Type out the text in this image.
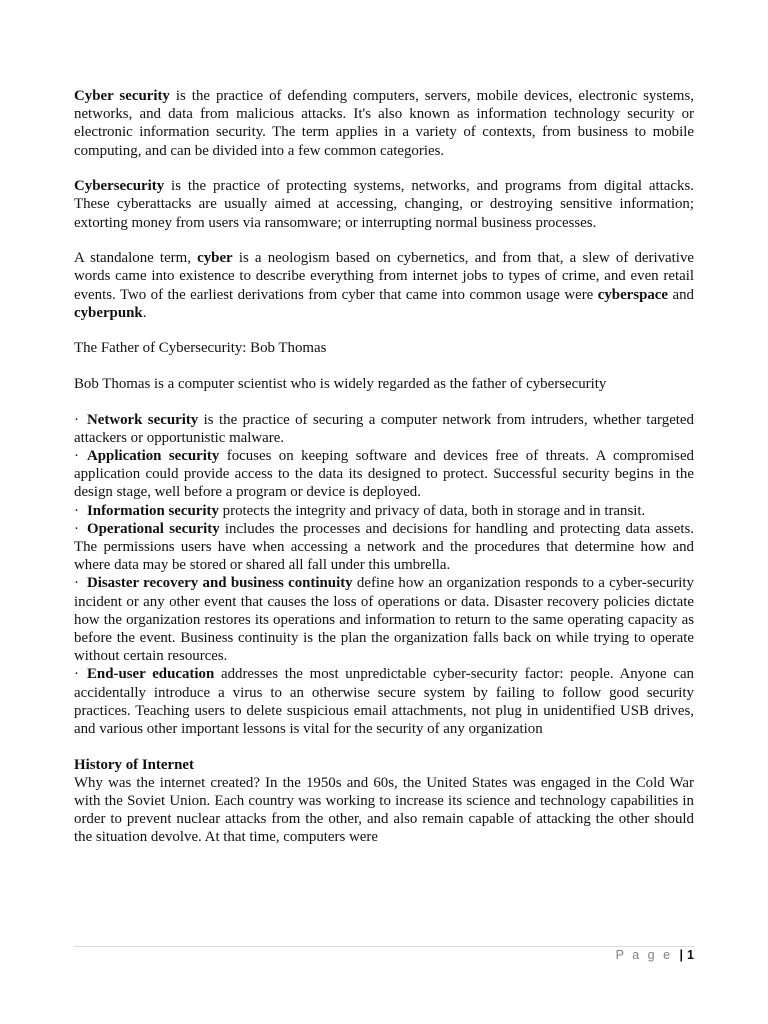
Cyber security is the practice of defending computers, servers, mobile devices, electronic systems, networks, and data from malicious attacks. It's also known as information technology security or electronic information security. The term applies in a variety of contexts, from business to mobile computing, and can be divided into a few common categories.

Cybersecurity is the practice of protecting systems, networks, and programs from digital attacks. These cyberattacks are usually aimed at accessing, changing, or destroying sensitive information; extorting money from users via ransomware; or interrupting normal business processes.

A standalone term, cyber is a neologism based on cybernetics, and from that, a slew of derivative words came into existence to describe everything from internet jobs to types of crime, and even retail events. Two of the earliest derivations from cyber that came into common usage were cyberspace and cyberpunk.

The Father of Cybersecurity: Bob Thomas

Bob Thomas is a computer scientist who is widely regarded as the father of cybersecurity

· Network security is the practice of securing a computer network from intruders, whether targeted attackers or opportunistic malware.

· Application security focuses on keeping software and devices free of threats. A compromised application could provide access to the data its designed to protect. Successful security begins in the design stage, well before a program or device is deployed.

· Information security protects the integrity and privacy of data, both in storage and in transit.

· Operational security includes the processes and decisions for handling and protecting data assets. The permissions users have when accessing a network and the procedures that determine how and where data may be stored or shared all fall under this umbrella.

· Disaster recovery and business continuity define how an organization responds to a cyber-security incident or any other event that causes the loss of operations or data. Disaster recovery policies dictate how the organization restores its operations and information to return to the same operating capacity as before the event. Business continuity is the plan the organization falls back on while trying to operate without certain resources.

· End-user education addresses the most unpredictable cyber-security factor: people. Anyone can accidentally introduce a virus to an otherwise secure system by failing to follow good security practices. Teaching users to delete suspicious email attachments, not plug in unidentified USB drives, and various other important lessons is vital for the security of any organization

History of Internet

Why was the internet created? In the 1950s and 60s, the United States was engaged in the Cold War with the Soviet Union. Each country was working to increase its science and technology capabilities in order to prevent nuclear attacks from the other, and also remain capable of attacking the other should the situation devolve. At that time, computers were

P a g e | 1
